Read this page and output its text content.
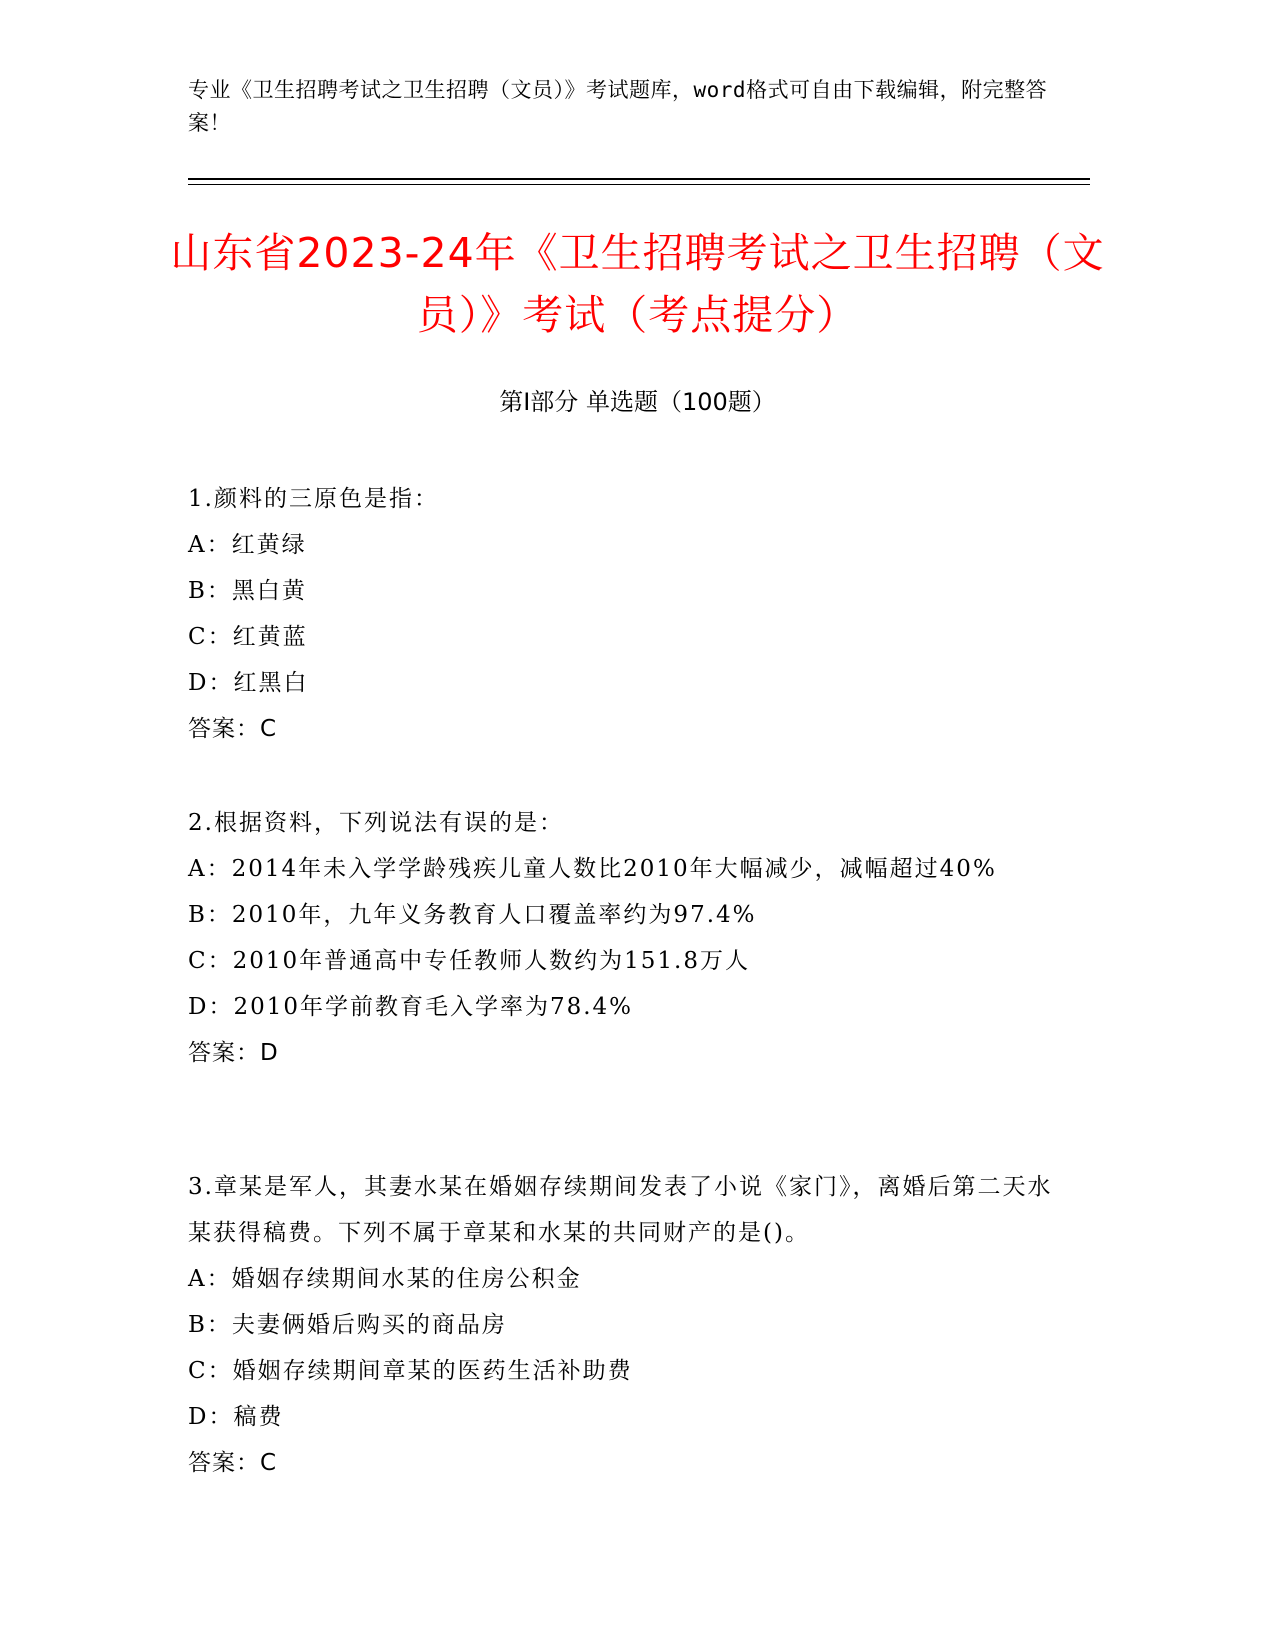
专业《卫生招聘考试之卫生招聘（文员）》考试题库，word格式可自由下载编辑，附完整答案！
山东省2023-24年《卫生招聘考试之卫生招聘（文员）》考试（考点提分）
第Ⅰ部分 单选题（100题）
1.颜料的三原色是指：
A：红黄绿
B：黑白黄
C：红黄蓝
D：红黑白
答案：C
2.根据资料，下列说法有误的是：
A：2014年未入学学龄残疾儿童人数比2010年大幅减少，减幅超过40%
B：2010年，九年义务教育人口覆盖率约为97.4%
C：2010年普通高中专任教师人数约为151.8万人
D：2010年学前教育毛入学率为78.4%
答案：D
3.章某是军人，其妻水某在婚姻存续期间发表了小说《家门》，离婚后第二天水某获得稿费。下列不属于章某和水某的共同财产的是()。
A：婚姻存续期间水某的住房公积金
B：夫妻俩婚后购买的商品房
C：婚姻存续期间章某的医药生活补助费
D：稿费
答案：C
